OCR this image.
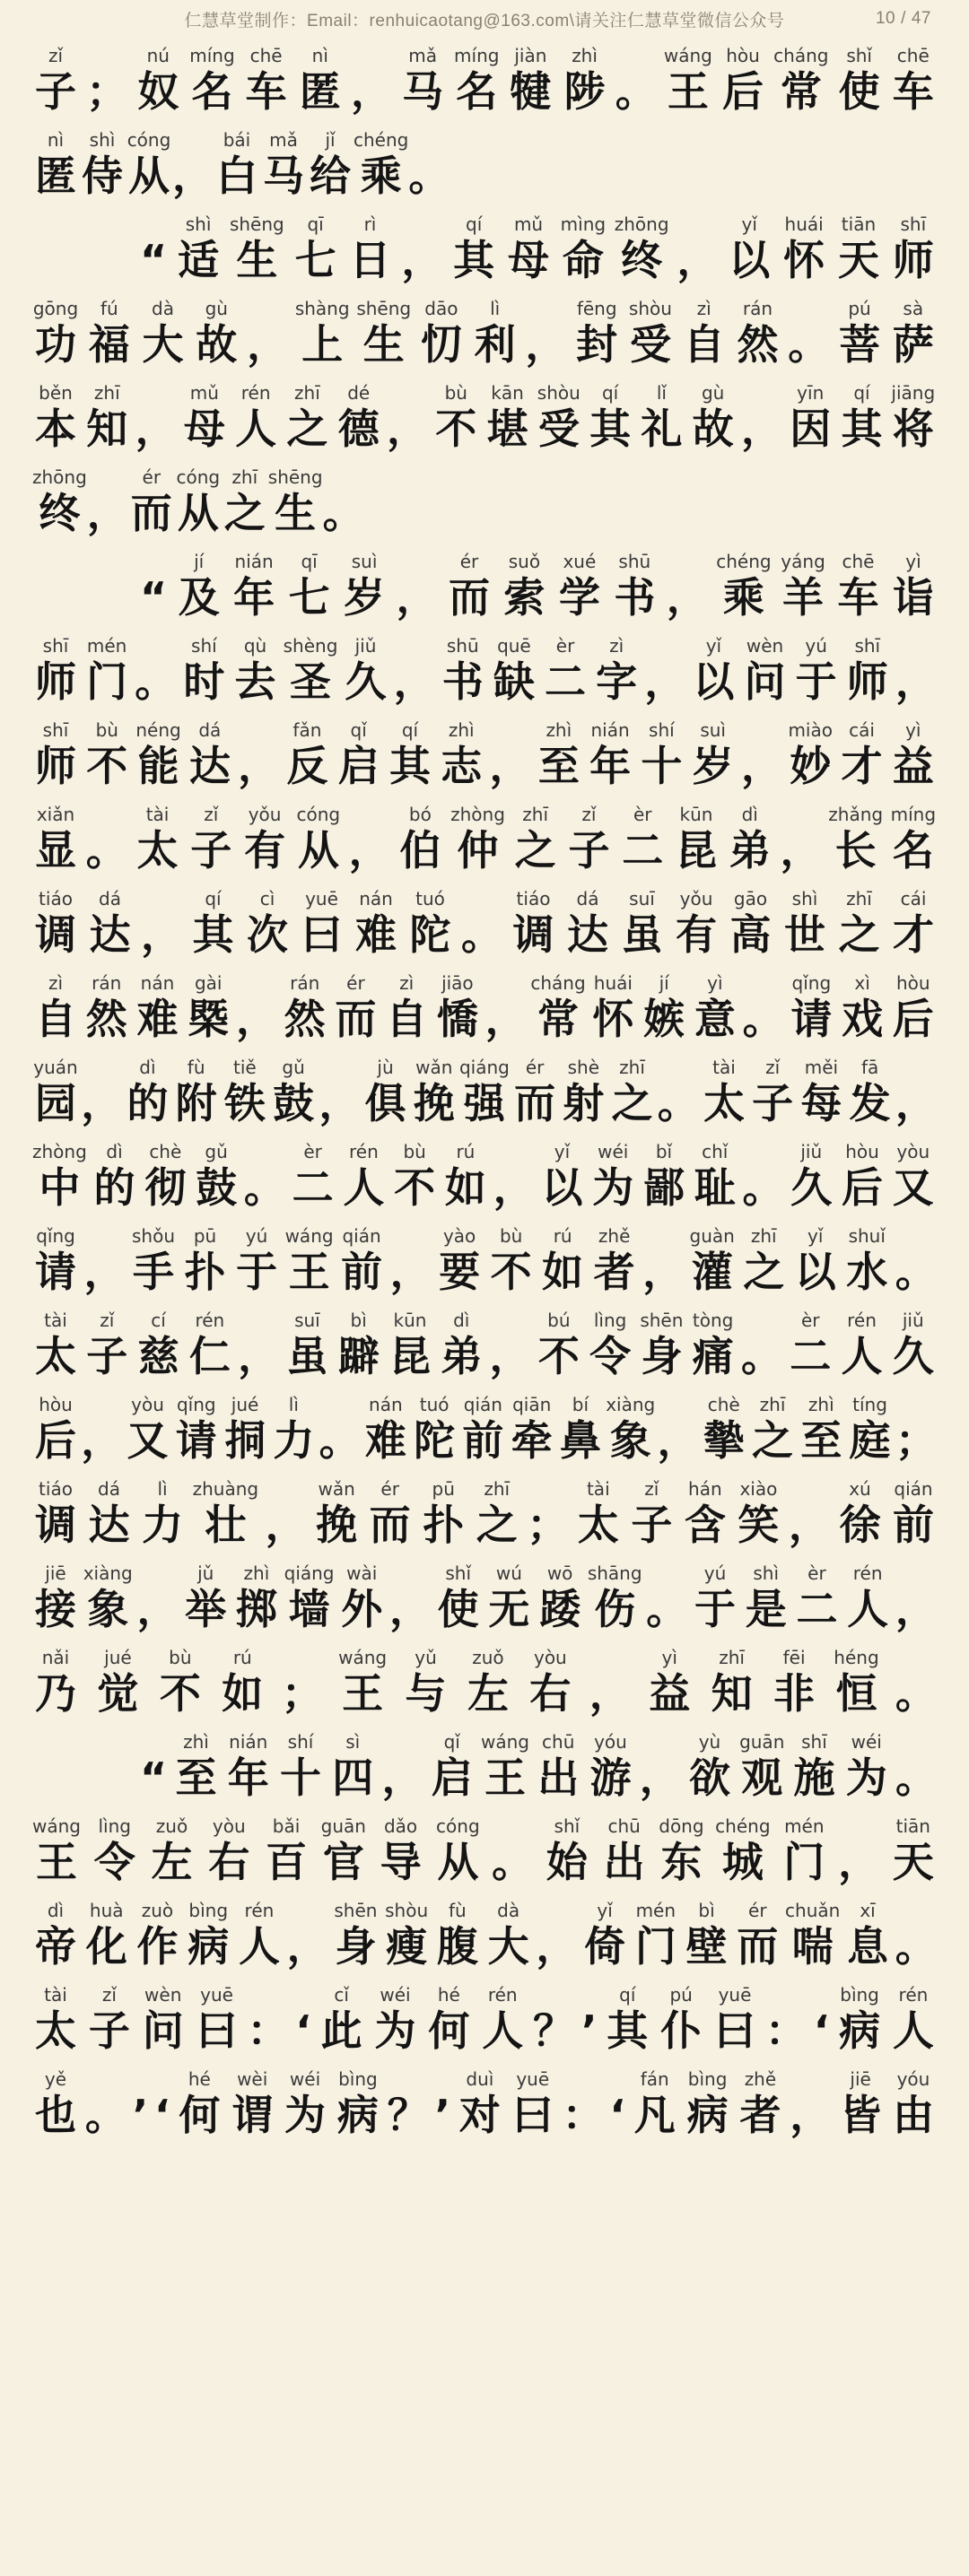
仁慧草堂制作：Email：renhuicaotang@163.com\请关注仁慧草堂微信公众号	10 / 47
zǐ
子 ；
nú
奴
míng
名
chē
车
nì
匿 ，
mǎ
马
míng
名
jiàn
犍
zhì
陟 。
wáng
王
hòu
后
cháng
常
shǐ
使
chē
车
nì
匿
shì
侍
cóng
从 ，
bái
白
mǎ
马
jǐ
给
chéng
乘 。
“
shì
适
shēng
生
qī
七
rì
日 ，
qí
其
mǔ
母
mìng
命
zhōng
终 ，
yǐ
以
huái
怀
tiān
天
shī
师
gōng
功
fú
福
dà
大
gù
故 ，
shàng
上
shēng
生
dāo
忉
lì
利 ，
fēng
封
shòu
受
zì
自
rán
然 。
pú
菩
sà
萨
běn
本
zhī
知 ，
mǔ
母
rén
人
zhī
之
dé
德 ，
bù
不
kān
堪
shòu
受
qí
其
lǐ
礼
gù
故 ，
yīn
因
qí
其
jiāng
将
zhōng
终 ，
ér
而
cóng
从
zhī
之
shēng
生 。
“
jí
及
nián
年
qī
七
suì
岁 ，
ér
而
suǒ
索
xué
学
shū
书 ，
chéng
乘
yáng
羊
chē
车
yì
诣
shī
师
mén
门 。
shí
时
qù
去
shèng
圣
jiǔ
久 ，
shū
书
quē
缺
èr
二
zì
字 ，
yǐ
以
wèn
问
yú
于
shī
师 ，
shī
师
bù
不
néng
能
dá
达 ，
fǎn
反
qǐ
启
qí
其
zhì
志 ，
zhì
至
nián
年
shí
十
suì
岁 ，
miào
妙
cái
才
yì
益
xiǎn
显 。
tài
太
zǐ
子
yǒu
有
cóng
从 ，
bó
伯
zhòng
仲
zhī
之
zǐ
子
èr
二
kūn
昆
dì
弟 ，
zhǎng
长
míng
名
tiáo
调
dá
达 ，
qí
其
cì
次
yuē
曰
nán
难
tuó
陀 。
tiáo
调
dá
达
suī
虽
yǒu
有
gāo
高
shì
世
zhī
之
cái
才
zì
自
rán
然
nán
难
gài
槩 ，
rán
然
ér
而
zì
自
jiāo
憍 ，
cháng
常
huái
怀
jí
嫉
yì
意 。
qǐng
请
xì
戏
hòu
后
yuán
园 ，
dì
的
fù
附
tiě
铁
gǔ
鼓 ，
jù
俱
wǎn
挽
qiáng
强
ér
而
shè
射
zhī
之 。
tài
太
zǐ
子
měi
每
fā
发 ，
zhòng
中
dì
的
chè
彻
gǔ
鼓 。
èr
二
rén
人
bù
不
rú
如 ，
yǐ
以
wéi
为
bǐ
鄙
chǐ
耻 。
jiǔ
久
hòu
后
yòu
又
qǐng
请 ，
shǒu
手
pū
扑
yú
于
wáng
王
qián
前 ，
yào
要
bù
不
rú
如
zhě
者 ，
guàn
灌
zhī
之
yǐ
以
shuǐ
水 。
tài
太
zǐ
子
cí
慈
rén
仁 ，
suī
虽
bì
躃
kūn
昆
dì
弟 ，
bú
不
lìng
令
shēn
身
tòng
痛 。
èr
二
rén
人
jiǔ
久
hòu
后 ，
yòu
又
qǐng
请
jué
挏
lì
力 。
nán
难
tuó
陀
qián
前
qiān
牵
bí
鼻
xiàng
象 ，
chè
摰
zhī
之
zhì
至
tíng
庭 ；
tiáo
调
dá
达
lì
力
zhuàng
壮 ，
wǎn
挽
ér
而
pū
扑
zhī
之 ；
tài
太
zǐ
子
hán
含
xiào
笑 ，
xú
徐
qián
前
jiē
接
xiàng
象 ，
jǔ
举
zhì
掷
qiáng
墙
wài
外 ，
shǐ
使
wú
无
wō
踒
shāng
伤 。
yú
于
shì
是
èr
二
rén
人 ，
nǎi
乃
jué
觉
bù
不
rú
如 ；
wáng
王
yǔ
与
zuǒ
左
yòu
右 ，
yì
益
zhī
知
fēi
非
héng
恒 。
“
zhì
至
nián
年
shí
十
sì
四 ，
qǐ
启
wáng
王
chū
出
yóu
游 ，
yù
欲
guān
观
shī
施
wéi
为 。
wáng
王
lìng
令
zuǒ
左
yòu
右
bǎi
百
guān
官
dǎo
导
cóng
从 。
shǐ
始
chū
出
dōng
东
chéng
城
mén
门 ，
tiān
天
dì
帝
huà
化
zuò
作
bìng
病
rén
人 ，
shēn
身
shòu
瘦
fù
腹
dà
大 ，
yǐ
倚
mén
门
bì
壁
ér
而
chuǎn
喘
xī
息 。
tài
太
zǐ
子
wèn
问
yuē
曰 ： ‘
cǐ
此
wéi
为
hé
何
rén
人 ？ ’
qí
其
pú
仆
yuē
曰 ： ‘
bìng
病
rén
人
yě
也 。 ’ ‘
hé
何
wèi
谓
wéi
为
bìng
病 ？ ’
duì
对
yuē
曰 ： ‘
fán
凡
bìng
病
zhě
者 ，
jiē
皆
yóu
由
